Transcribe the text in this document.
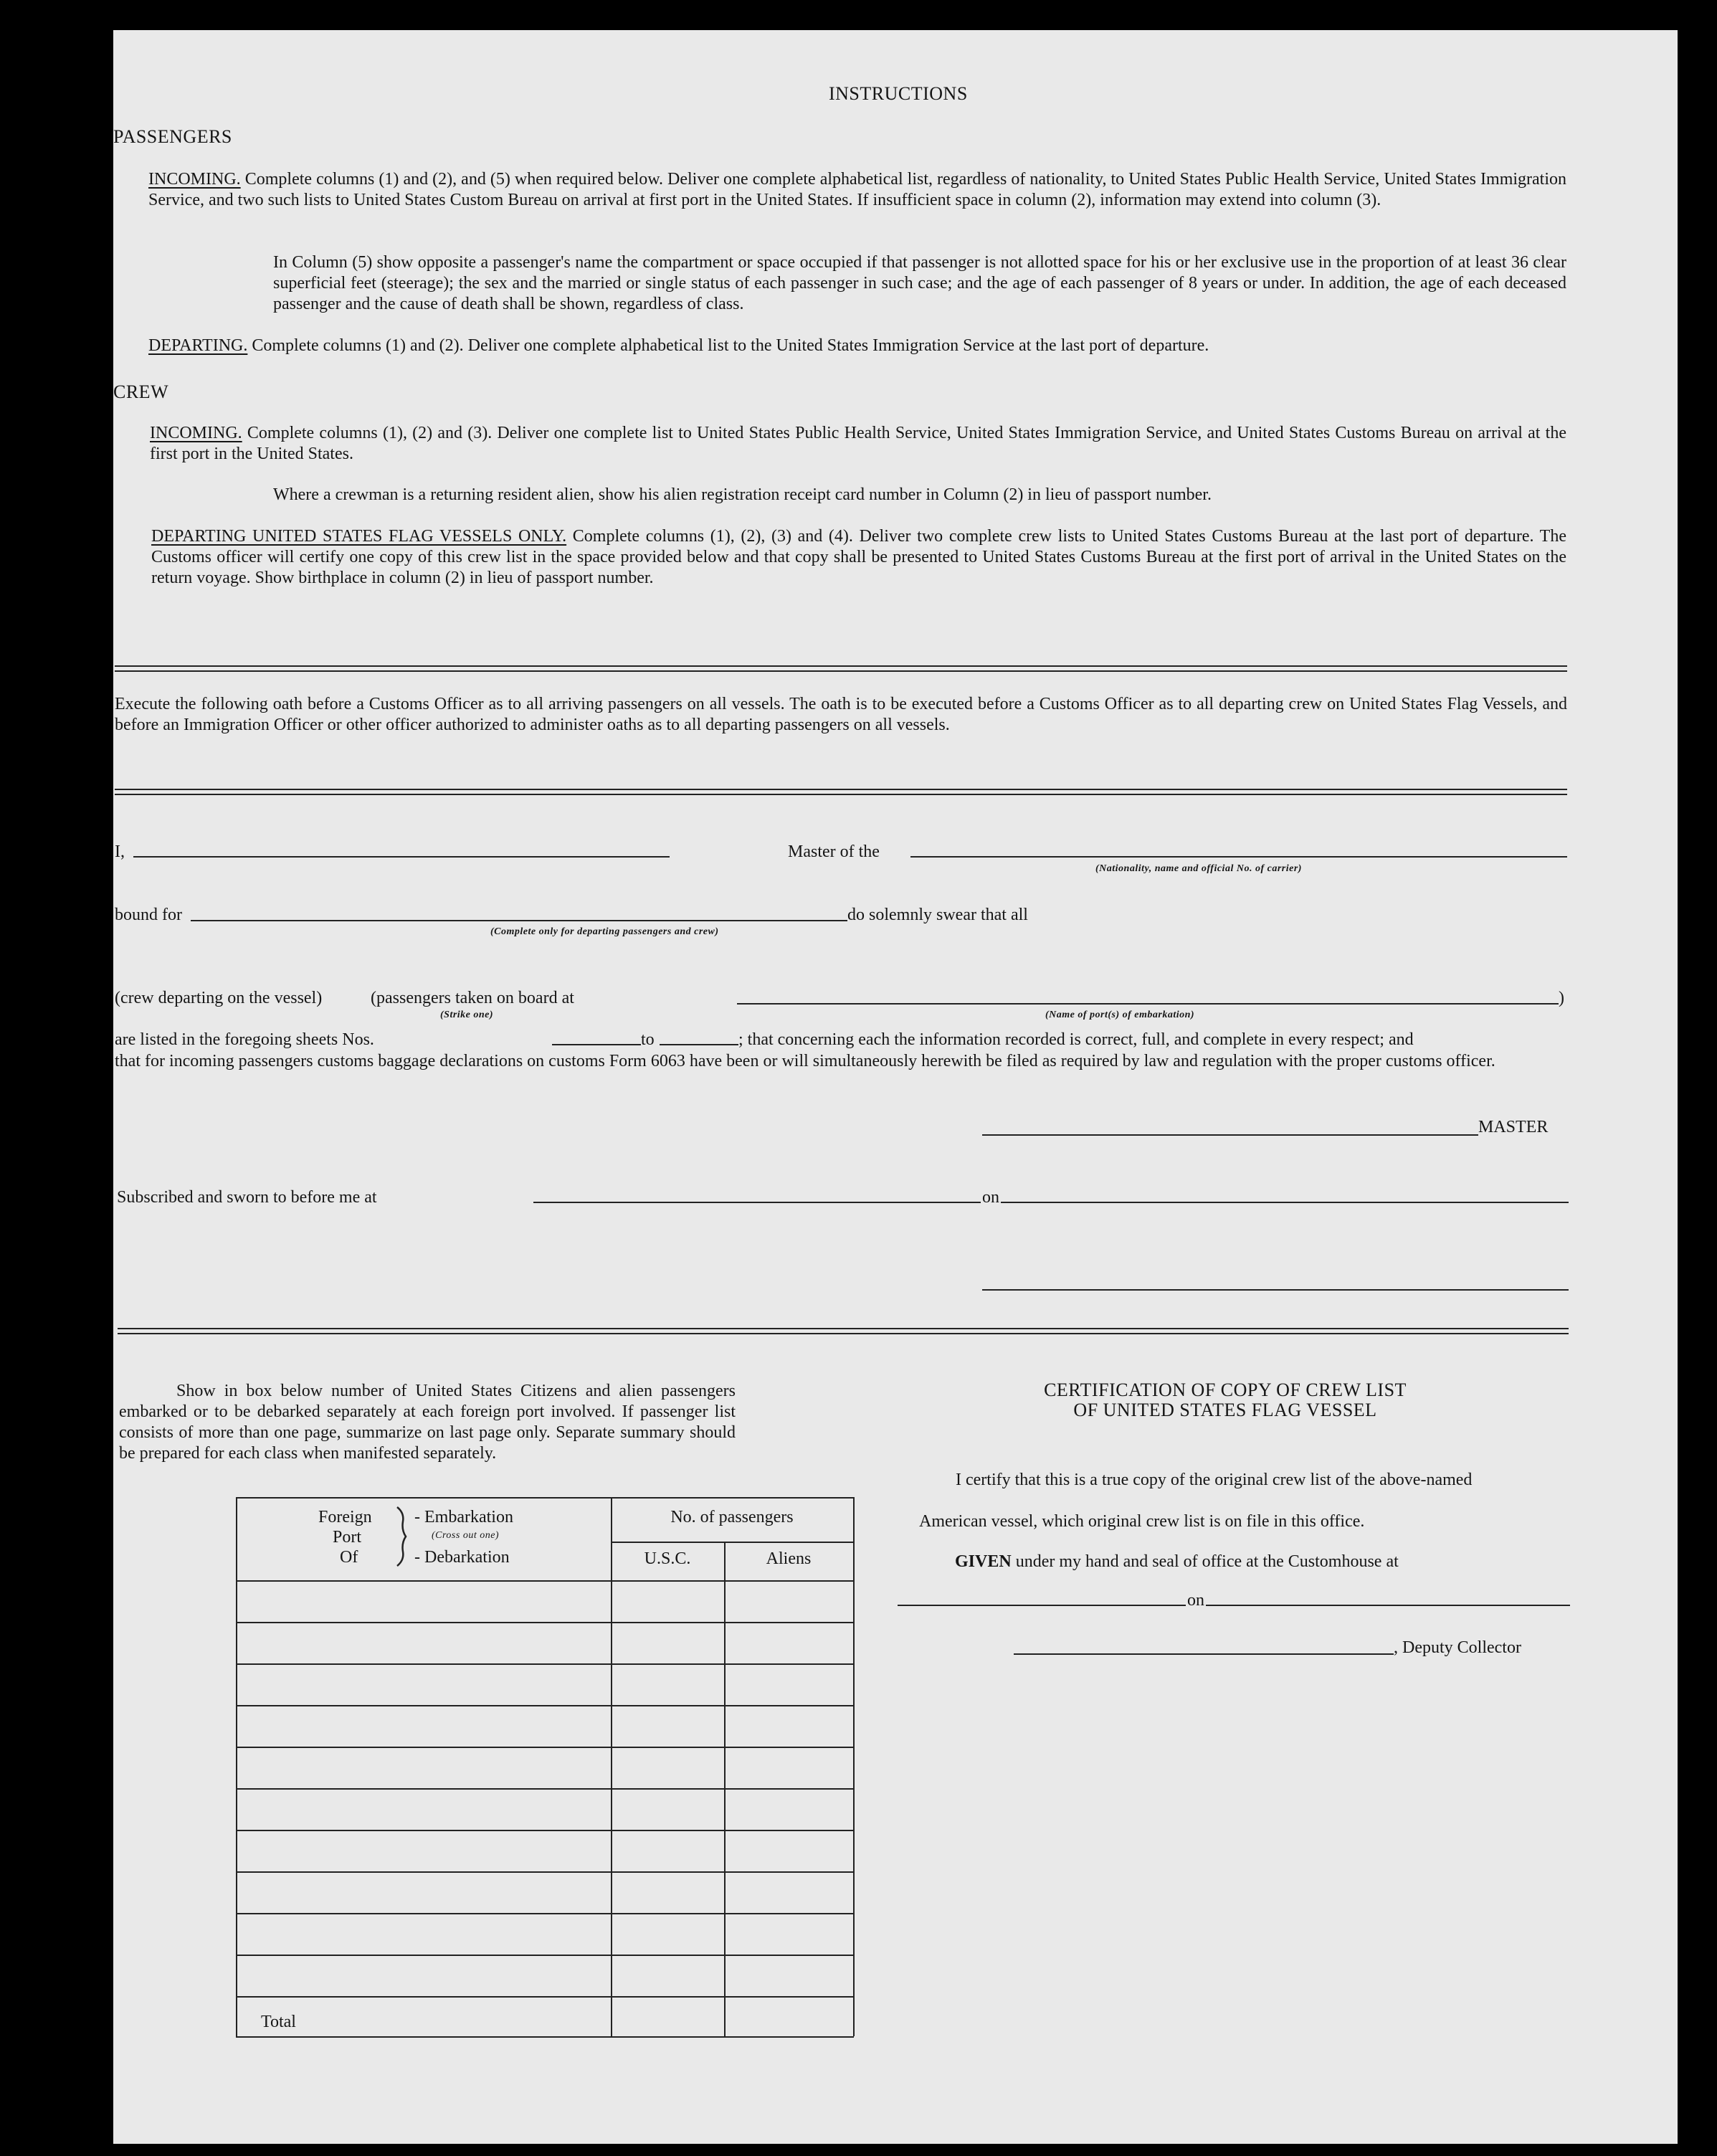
INSTRUCTIONS
PASSENGERS
INCOMING. Complete columns (1) and (2), and (5) when required below. Deliver one complete alphabetical list, regardless of nationality, to United States Public Health Service, United States Immigration Service, and two such lists to United States Custom Bureau on arrival at first port in the United States. If insufficient space in column (2), information may extend into column (3).
In Column (5) show opposite a passenger's name the compartment or space occupied if that passenger is not allotted space for his or her exclusive use in the proportion of at least 36 clear superficial feet (steerage); the sex and the married or single status of each passenger in such case; and the age of each passenger of 8 years or under. In addition, the age of each deceased passenger and the cause of death shall be shown, regardless of class.
DEPARTING. Complete columns (1) and (2). Deliver one complete alphabetical list to the United States Immigration Service at the last port of departure.
CREW
INCOMING. Complete columns (1), (2) and (3). Deliver one complete list to United States Public Health Service, United States Immigration Service, and United States Customs Bureau on arrival at the first port in the United States.
Where a crewman is a returning resident alien, show his alien registration receipt card number in Column (2) in lieu of passport number.
DEPARTING UNITED STATES FLAG VESSELS ONLY. Complete columns (1), (2), (3) and (4). Deliver two complete crew lists to United States Customs Bureau at the last port of departure. The Customs officer will certify one copy of this crew list in the space provided below and that copy shall be presented to United States Customs Bureau at the first port of arrival in the United States on the return voyage. Show birthplace in column (2) in lieu of passport number.
Execute the following oath before a Customs Officer as to all arriving passengers on all vessels. The oath is to be executed before a Customs Officer as to all departing crew on United States Flag Vessels, and before an Immigration Officer or other officer authorized to administer oaths as to all departing passengers on all vessels.
I,	Master of the
(Nationality, name and official No. of carrier)
bound for
(Complete only for departing passengers and crew)
do solemnly swear that all
(crew departing on the vessel)	(passengers taken on board at	)
(Strike one)	(Name of port(s) of embarkation)
are listed in the foregoing sheets Nos.	to	; that concerning each the information recorded is correct, full, and complete in every respect; and
that for incoming passengers customs baggage declarations on customs Form 6063 have been or will simultaneously herewith be filed as required by law and regulation with the proper customs officer.
MASTER
Subscribed and sworn to before me at	on
Show in box below number of United States Citizens and alien passengers embarked or to be debarked separately at each foreign port involved. If passenger list consists of more than one page, summarize on last page only. Separate summary should be prepared for each class when manifested separately.
Foreign
Port
Of
- Embarkation
(Cross out one)
- Debarkation
No. of passengers
U.S.C.	Aliens
Total
CERTIFICATION OF COPY OF CREW LIST
OF UNITED STATES FLAG VESSEL
I certify that this is a true copy of the original crew list of the above-named
American vessel, which original crew list is on file in this office.
GIVEN under my hand and seal of office at the Customhouse at
on
, Deputy Collector
